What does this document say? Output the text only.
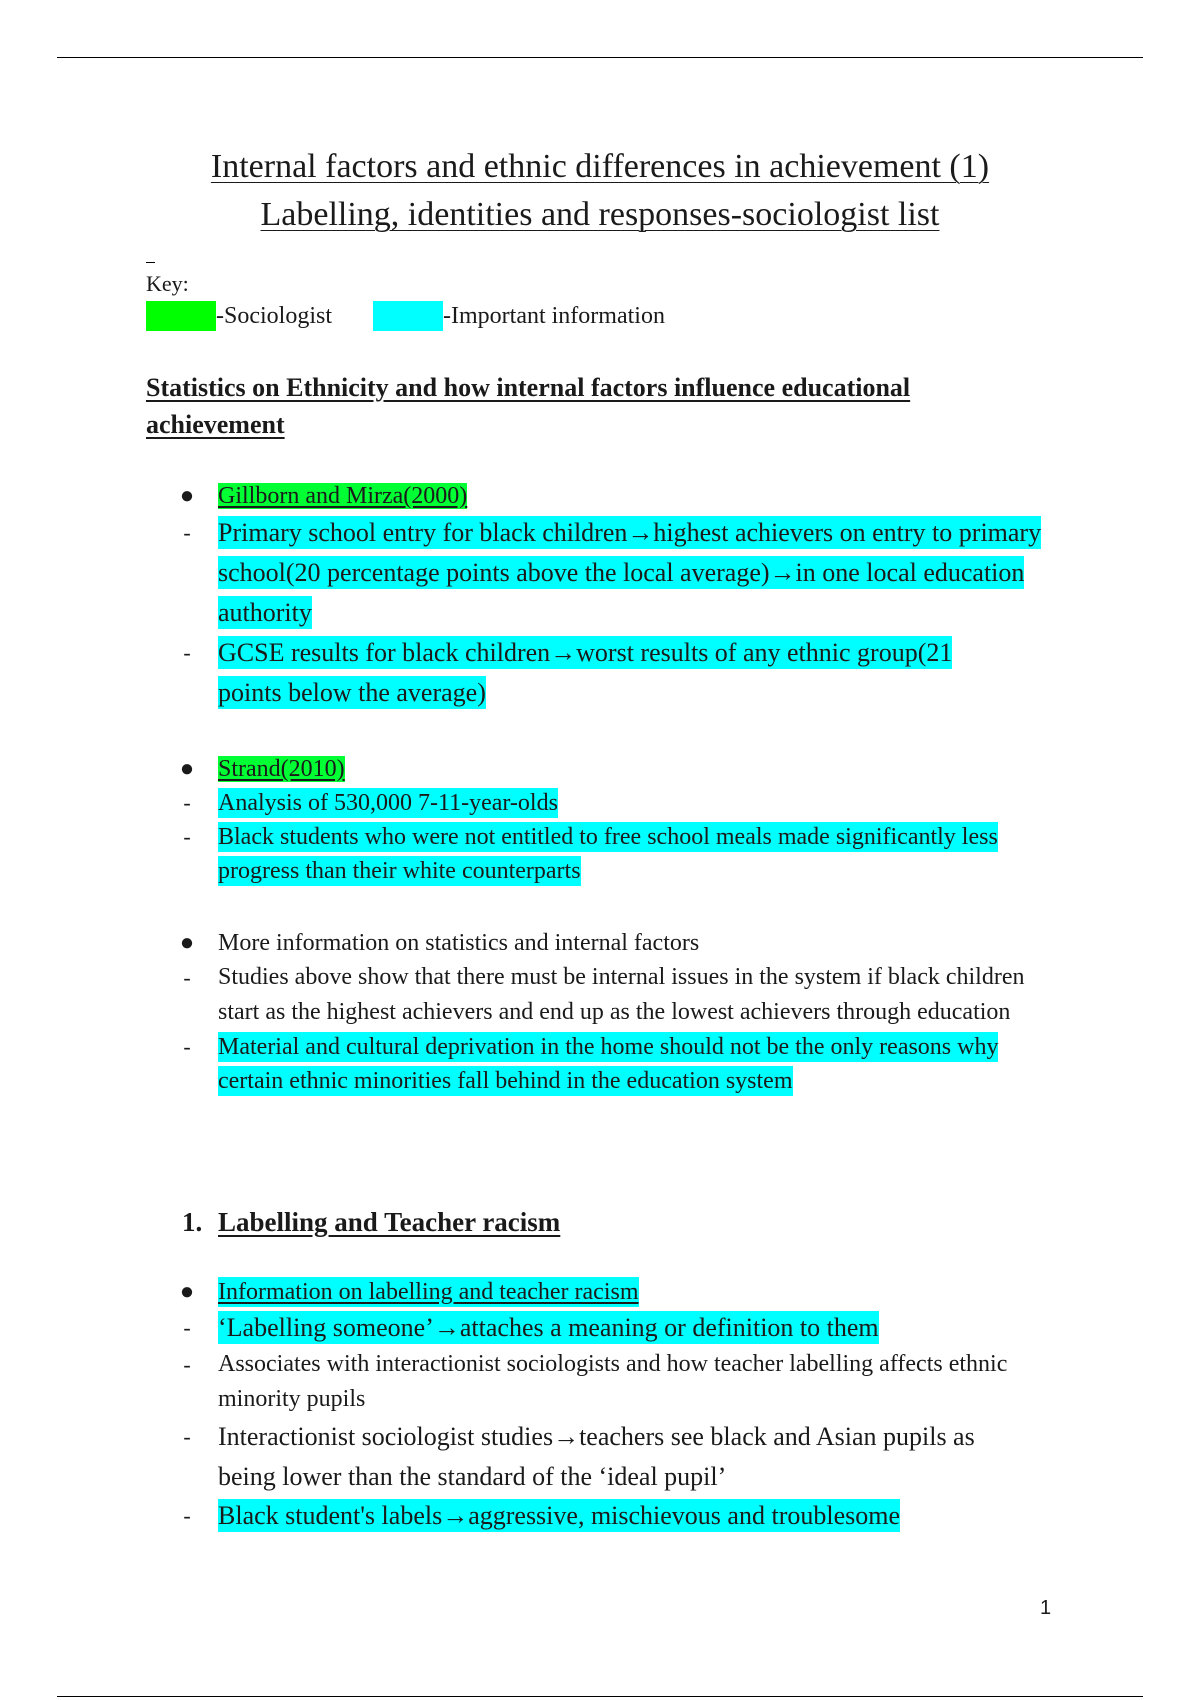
Internal factors and ethnic differences in achievement (1)
Labelling, identities and responses-sociologist list
Key:
-Sociologist	-Important information
Statistics on Ethnicity and how internal factors influence educational achievement
● Gillborn and Mirza(2000)
- Primary school entry for black children→highest achievers on entry to primary school(20 percentage points above the local average)→in one local education authority
- GCSE results for black children→worst results of any ethnic group(21 points below the average)
● Strand(2010)
- Analysis of 530,000 7-11-year-olds
- Black students who were not entitled to free school meals made significantly less progress than their white counterparts
● More information on statistics and internal factors
- Studies above show that there must be internal issues in the system if black children start as the highest achievers and end up as the lowest achievers through education
- Material and cultural deprivation in the home should not be the only reasons why certain ethnic minorities fall behind in the education system
1. Labelling and Teacher racism
● Information on labelling and teacher racism
- ‘Labelling someone’→attaches a meaning or definition to them
- Associates with interactionist sociologists and how teacher labelling affects ethnic minority pupils
- Interactionist sociologist studies→teachers see black and Asian pupils as being lower than the standard of the ‘ideal pupil’
- Black student's labels→aggressive, mischievous and troublesome
1
